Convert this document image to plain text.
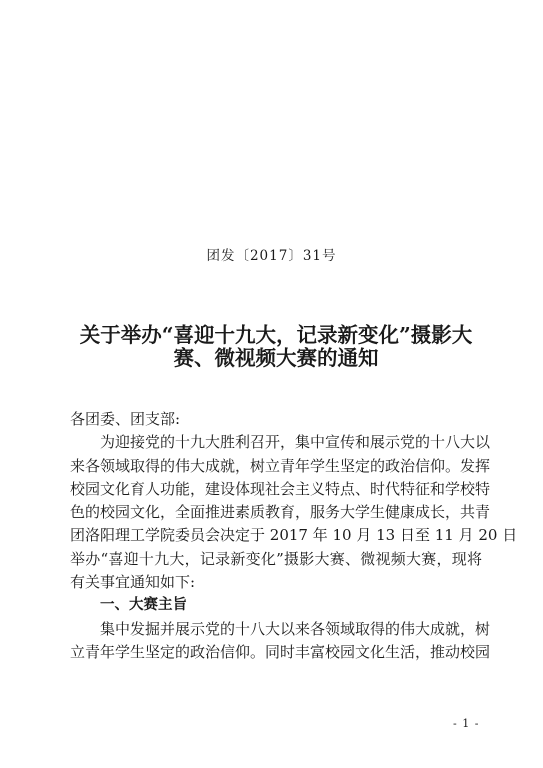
团发〔2017〕31号
关于举办“喜迎十九大，记录新变化”摄影大
赛、微视频大赛的通知
各团委、团支部:
为迎接党的十九大胜利召开，集中宣传和展示党的十八大以
来各领域取得的伟大成就，树立青年学生坚定的政治信仰。发挥
校园文化育人功能，建设体现社会主义特点、时代特征和学校特
色的校园文化，全面推进素质教育，服务大学生健康成长，共青
团洛阳理工学院委员会决定于 2017 年 10 月 13 日至 11 月 20 日
举办“喜迎十九大，记录新变化”摄影大赛、微视频大赛，现将
有关事宜通知如下:
一、大赛主旨
集中发掘并展示党的十八大以来各领域取得的伟大成就，树
立青年学生坚定的政治信仰。同时丰富校园文化生活，推动校园
- 1 -
